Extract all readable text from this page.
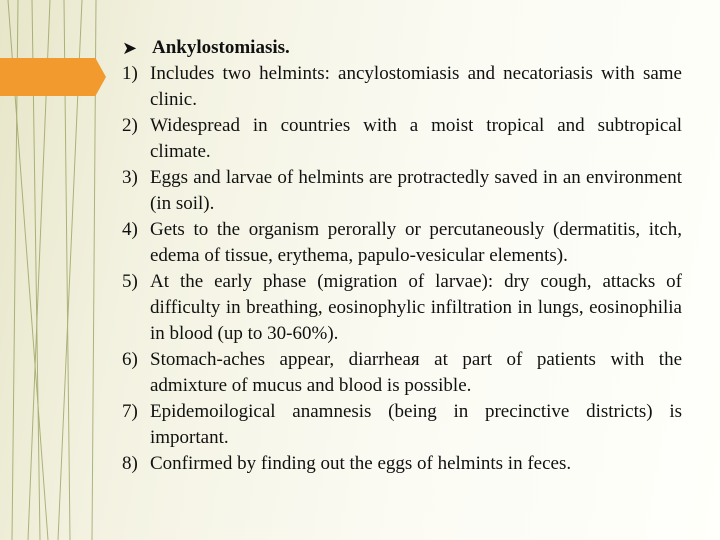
➤ Ankylostomiasis.
1) Includes two helmints: ancylostomiasis and necatoriasis with same clinic.
2) Widespread in countries with a moist tropical and subtropical climate.
3) Eggs and larvae of helmints are protractedly saved in an environment (in soil).
4) Gets to the organism perorally or percutaneously (dermatitis, itch, edema of tissue, erythema, papulo-vesicular elements).
5) At the early phase (migration of larvae): dry cough, attacks of difficulty in breathing, eosinophylic infiltration in lungs, eosinophilia in blood (up to 30-60%).
6) Stomach-aches appear, diarrheaя at part of patients with the admixture of mucus and blood is possible.
7) Epidemoilogical anamnesis (being in precinctive districts) is important.
8) Confirmed by finding out the eggs of helmints in feces.
